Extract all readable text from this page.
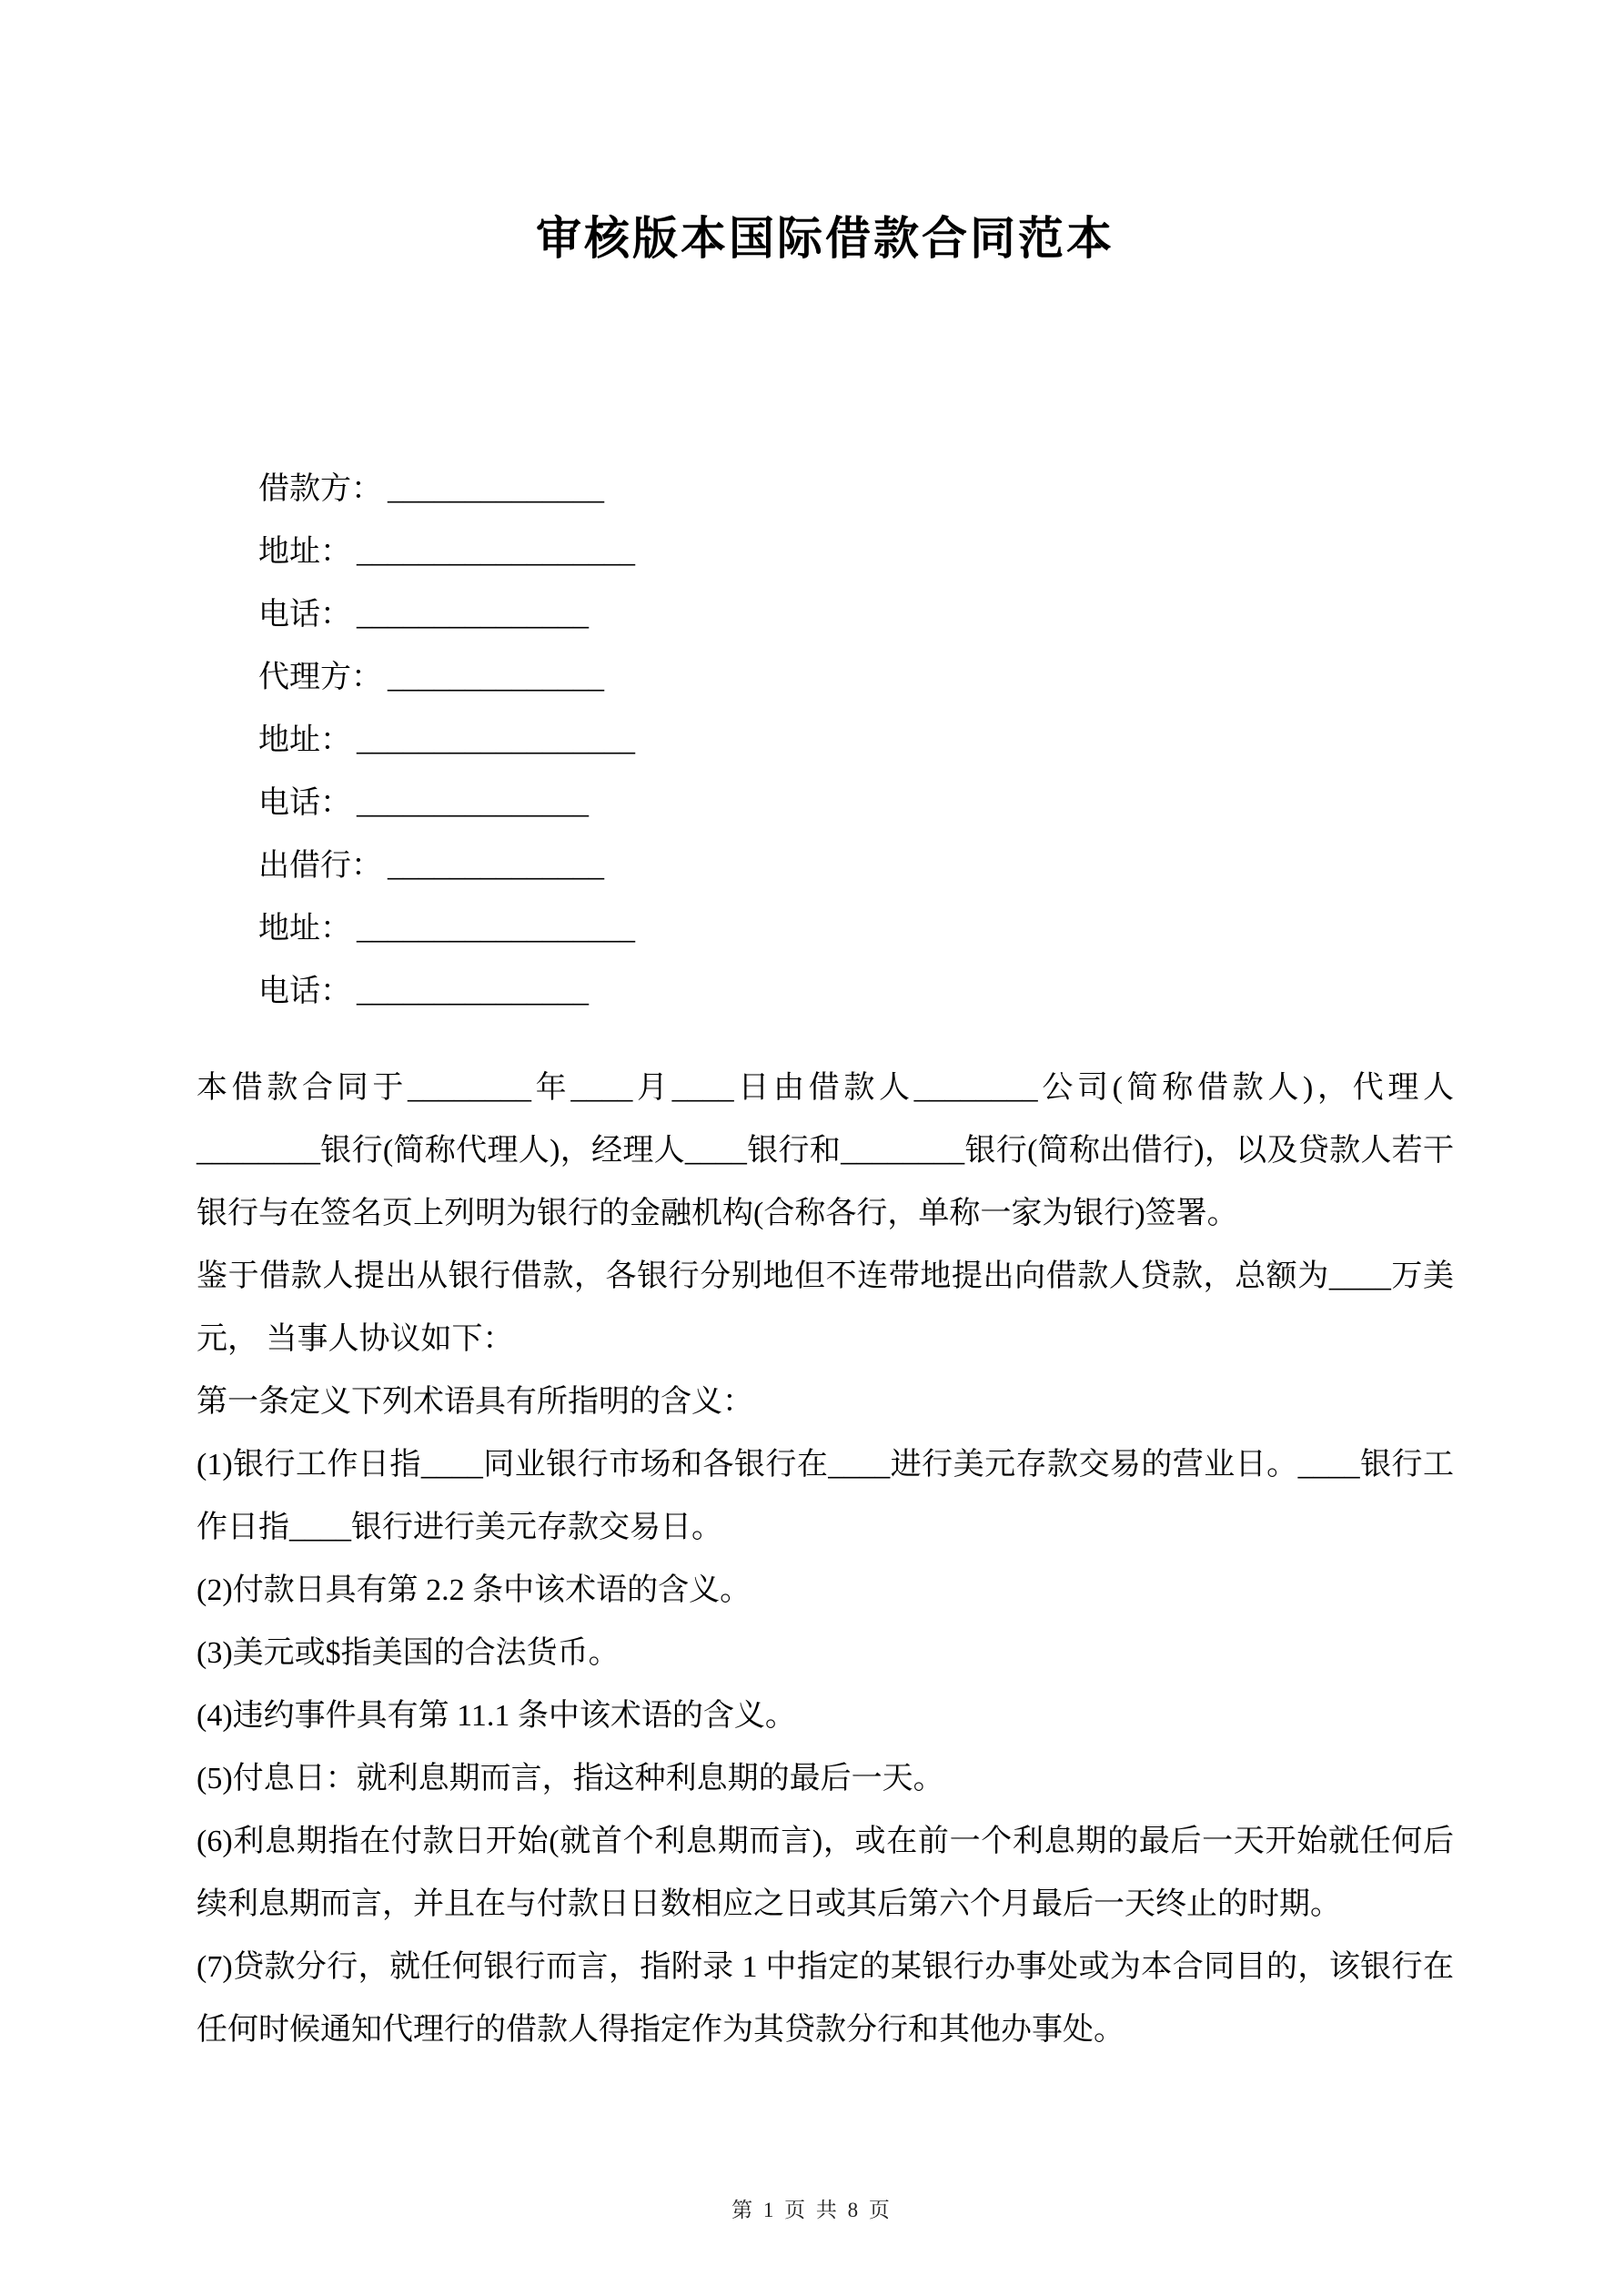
审核版本国际借款合同范本

借款方： ______________

地址： __________________

电话： _______________

代理方： ______________

地址： __________________

电话： _______________

出借行： ______________

地址： __________________

电话： _______________

本借款合同于________年____月____日由借款人________公司(简称借款人)，代理人________银行(简称代理人)，经理人____银行和________银行(简称出借行)，以及贷款人若干银行与在签名页上列明为银行的金融机构(合称各行，单称一家为银行)签署。

鉴于借款人提出从银行借款，各银行分别地但不连带地提出向借款人贷款，总额为____万美元， 当事人协议如下：

第一条定义下列术语具有所指明的含义：

(1)银行工作日指____同业银行市场和各银行在____进行美元存款交易的营业日。____银行工作日指____银行进行美元存款交易日。

(2)付款日具有第 2.2 条中该术语的含义。

(3)美元或$指美国的合法货币。

(4)违约事件具有第 11.1 条中该术语的含义。

(5)付息日：就利息期而言，指这种利息期的最后一天。

(6)利息期指在付款日开始(就首个利息期而言)，或在前一个利息期的最后一天开始就任何后续利息期而言，并且在与付款日日数相应之日或其后第六个月最后一天终止的时期。

(7)贷款分行，就任何银行而言，指附录 1 中指定的某银行办事处或为本合同目的，该银行在任何时候通知代理行的借款人得指定作为其贷款分行和其他办事处。

第 1 页 共 8 页
